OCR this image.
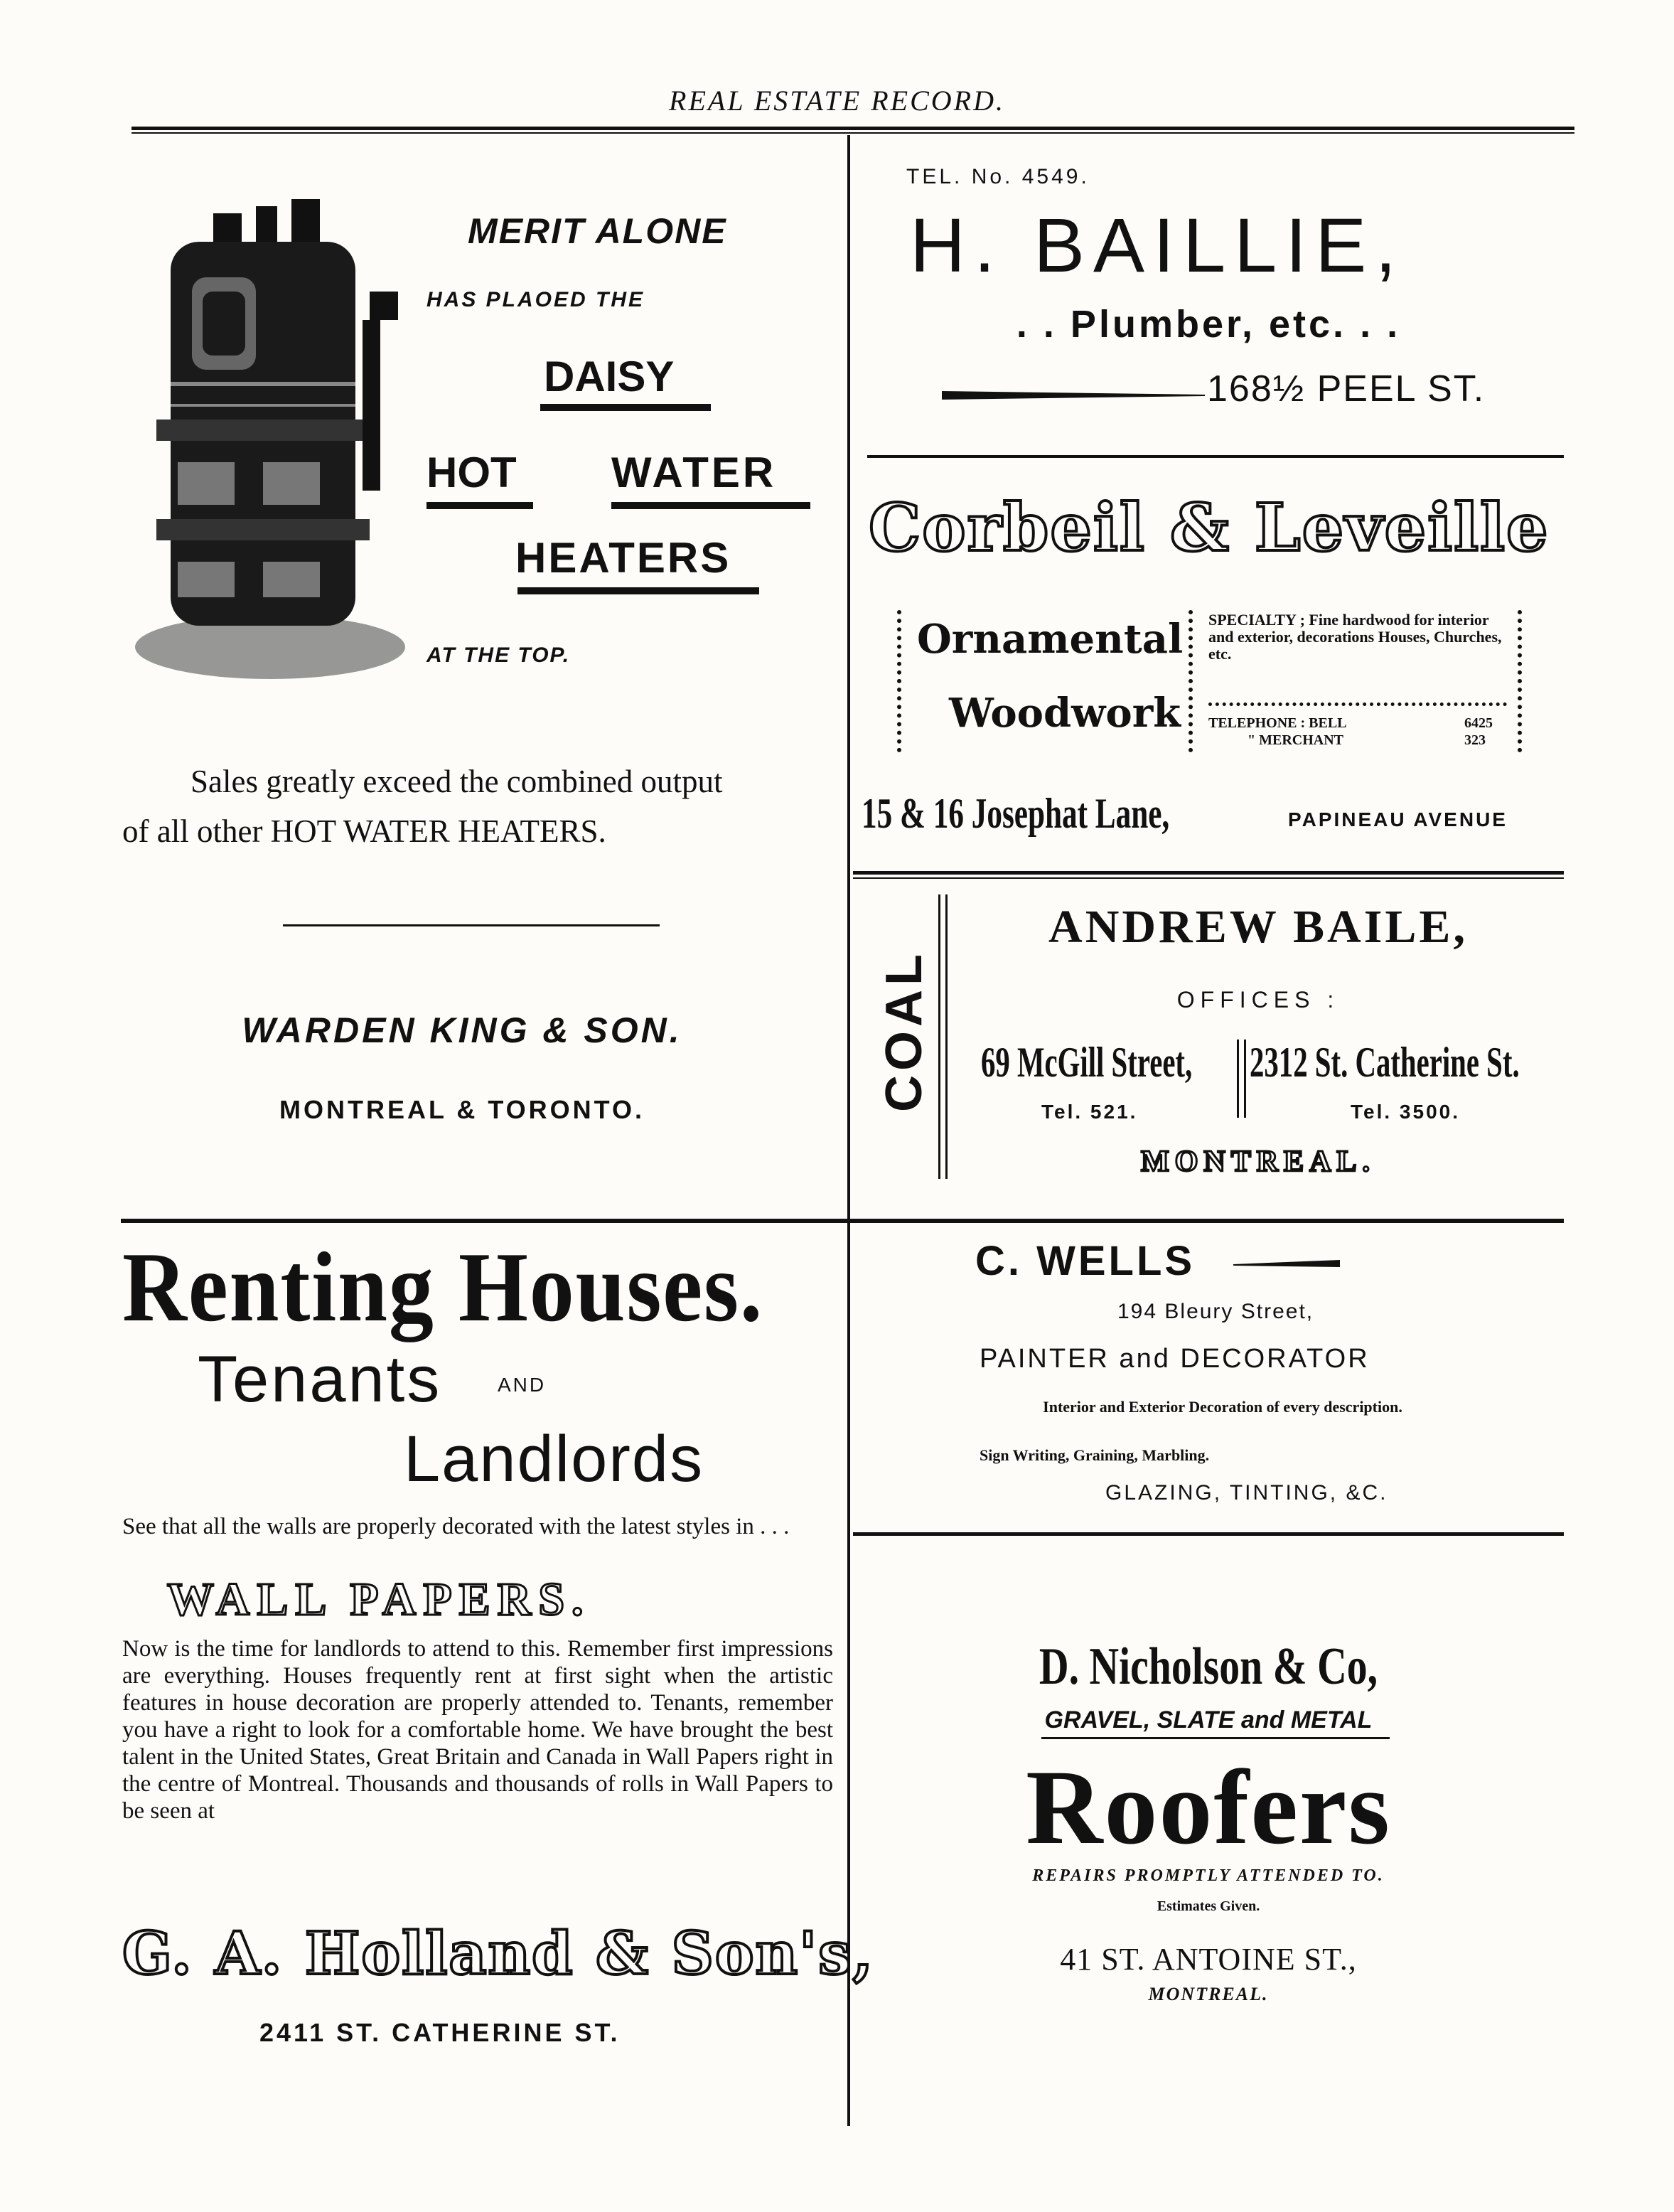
REAL ESTATE RECORD.
MERIT ALONE
HAS PLAOED THE
DAISY
HOT WATER
HEATERS
AT THE TOP.
Sales greatly exceed the combined output
of all other HOT WATER HEATERS.
WARDEN KING & SON.
MONTREAL & TORONTO.
TEL. No. 4549.
H. BAILLIE,
. . Plumber, etc. . .
168½ PEEL ST.
Corbeil & Leveille
Ornamental
Woodwork
SPECIALTY ; Fine hardwood for interior and exterior, decorations Houses, Churches, etc.
TELEPHONE : BELL	6425
" MERCHANT	323
15 & 16 Josephat Lane,	PAPINEAU AVENUE
COAL
ANDREW BAILE,
OFFICES :
69 McGill Street,
Tel. 521.
2312 St. Catherine St.
Tel. 3500.
MONTREAL.
Renting Houses.
Tenants	AND
Landlords
See that all the walls are properly decorated with the latest styles in . . .
WALL PAPERS.
Now is the time for landlords to attend to this. Remember first impressions are everything. Houses frequently rent at first sight when the artistic features in house decoration are properly attended to. Tenants, remember you have a right to look for a comfortable home. We have brought the best talent in the United States, Great Britain and Canada in Wall Papers right in the centre of Montreal. Thousands and thousands of rolls in Wall Papers to be seen at
G. A. Holland & Son's,
2411 ST. CATHERINE ST.
C. WELLS
194 Bleury Street,
PAINTER and DECORATOR
Interior and Exterior Decoration of every description.
Sign Writing, Graining, Marbling.
GLAZING, TINTING, &C.
D. Nicholson & Co,
GRAVEL, SLATE and METAL
Roofers
REPAIRS PROMPTLY ATTENDED TO.
Estimates Given.
41 ST. ANTOINE ST.,
MONTREAL.
